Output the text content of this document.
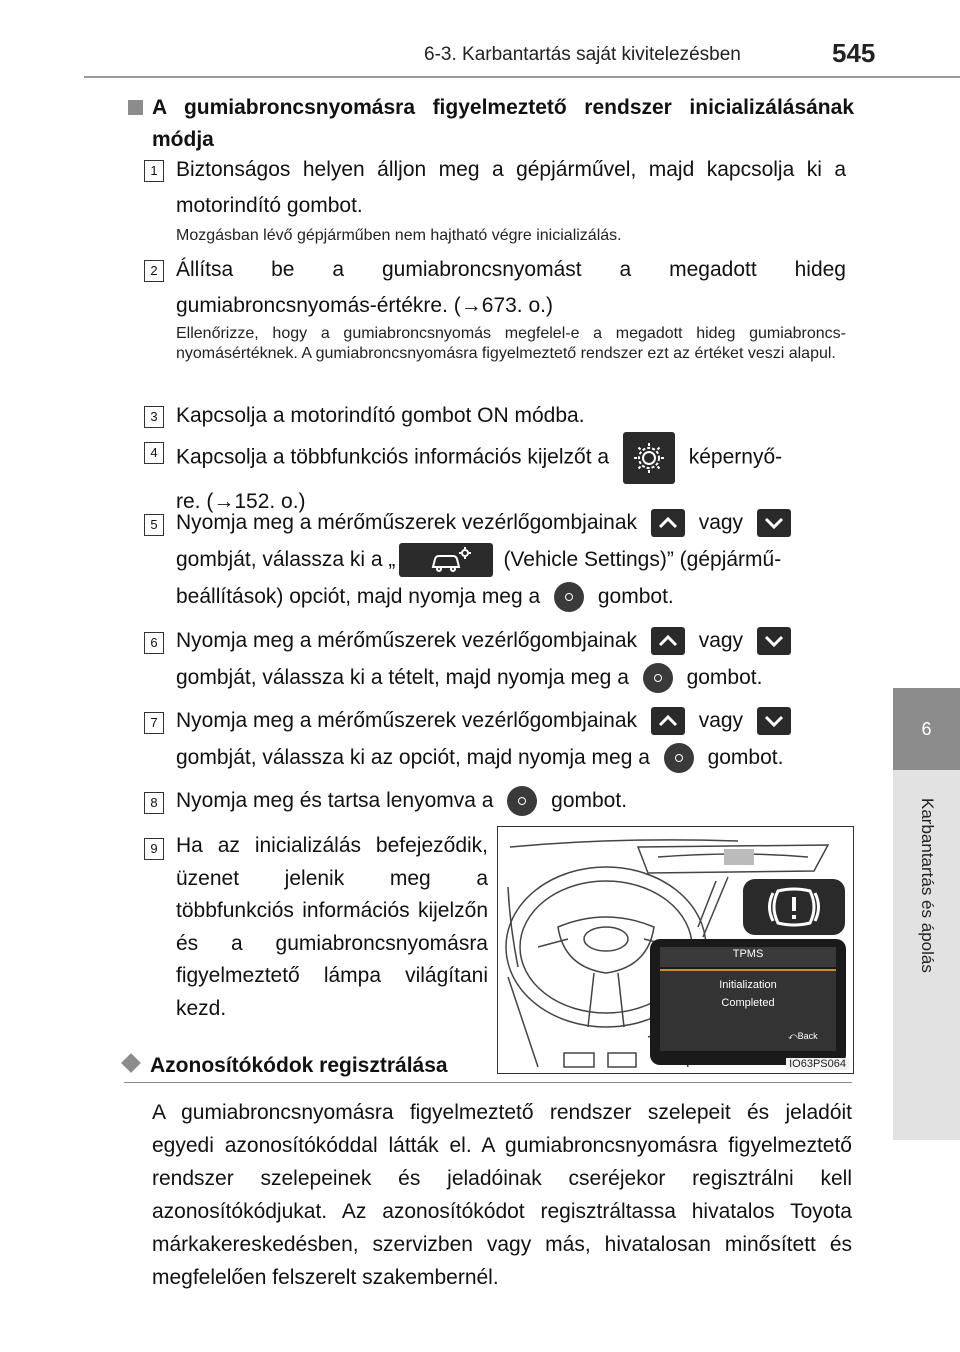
6-3. Karbantartás saját kivitelezésben	545
6
Karbantartás és ápolás
A gumiabroncsnyomásra figyelmeztető rendszer inicializálásának módja
1 Biztonságos helyen álljon meg a gépjárművel, majd kapcsolja ki a motorindító gombot.
Mozgásban lévő gépjárműben nem hajtható végre inicializálás.
2 Állítsa be a gumiabroncsnyomást a megadott hideg gumiabroncsnyomás-értékre. (→673. o.)
Ellenőrizze, hogy a gumiabroncsnyomás megfelel-e a megadott hideg gumiabroncs-nyomásértéknek. A gumiabroncsnyomásra figyelmeztető rendszer ezt az értéket veszi alapul.
3 Kapcsolja a motorindító gombot ON módba.
4 Kapcsolja a többfunkciós információs kijelzőt a	képernyő-
re. (→152. o.)
5 Nyomja meg a mérőműszerek vezérlőgombjainak	vagy

gombját, válassza ki a „	(Vehicle Settings)” (gépjármű-
beállítások) opciót, majd nyomja meg a	gombot.
6 Nyomja meg a mérőműszerek vezérlőgombjainak	vagy

gombját, válassza ki a tételt, majd nyomja meg a	gombot.
7 Nyomja meg a mérőműszerek vezérlőgombjainak	vagy

gombját, válassza ki az opciót, majd nyomja meg a	gombot.
8 Nyomja meg és tartsa lenyomva a	gombot.
9 Ha az inicializálás befejeződik, üzenet jelenik meg a többfunkciós információs kijelzőn és a gumiabroncsnyomásra figyelmeztető lámpa világítani kezd.
TPMS
Initialization
Completed
⤺Back
IO63PS064
Azonosítókódok regisztrálása
A gumiabroncsnyomásra figyelmeztető rendszer szelepeit és jeladóit egyedi azonosítókóddal látták el. A gumiabroncsnyomásra figyelmeztető rendszer szelepeinek és jeladóinak cseréjekor regisztrálni kell azonosítókódjukat. Az azonosítókódot regisztráltassa hivatalos Toyota márkakereskedésben, szervizben vagy más, hivatalosan minősített és megfelelően felszerelt szakembernél.
